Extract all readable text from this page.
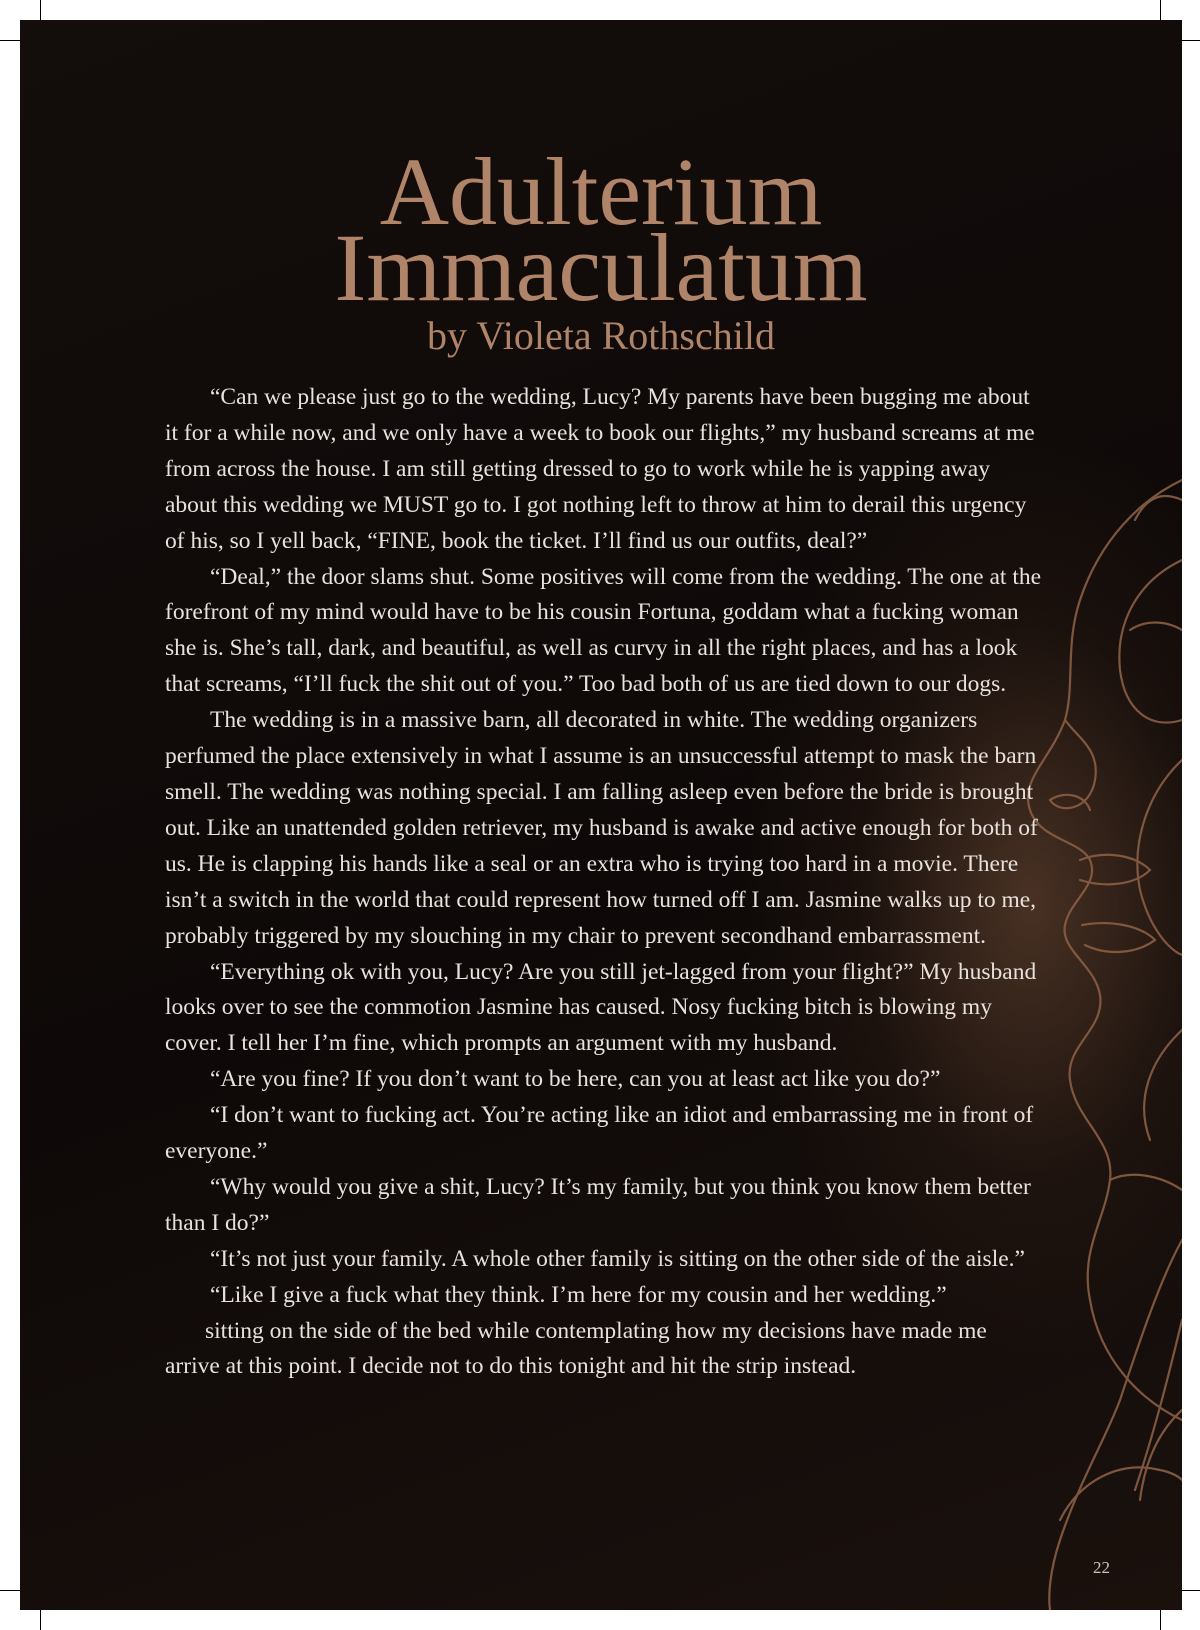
Adulterium
Immaculatum
by Violeta Rothschild

“Can we please just go to the wedding, Lucy? My parents have been bugging me about it for a while now, and we only have a week to book our flights,” my husband screams at me from across the house. I am still getting dressed to go to work while he is yapping away about this wedding we MUST go to. I got nothing left to throw at him to derail this urgency of his, so I yell back, “FINE, book the ticket. I’ll find us our outfits, deal?”

“Deal,” the door slams shut. Some positives will come from the wedding. The one at the forefront of my mind would have to be his cousin Fortuna, goddam what a fucking woman she is. She’s tall, dark, and beautiful, as well as curvy in all the right places, and has a look that screams, “I’ll fuck the shit out of you.” Too bad both of us are tied down to our dogs.

The wedding is in a massive barn, all decorated in white. The wedding organizers perfumed the place extensively in what I assume is an unsuccessful attempt to mask the barn smell. The wedding was nothing special. I am falling asleep even before the bride is brought out. Like an unattended golden retriever, my husband is awake and active enough for both of us. He is clapping his hands like a seal or an extra who is trying too hard in a movie. There isn’t a switch in the world that could represent how turned off I am. Jasmine walks up to me, probably triggered by my slouching in my chair to prevent secondhand embarrassment.

“Everything ok with you, Lucy? Are you still jet-lagged from your flight?” My husband looks over to see the commotion Jasmine has caused. Nosy fucking bitch is blowing my cover. I tell her I’m fine, which prompts an argument with my husband.

“Are you fine? If you don’t want to be here, can you at least act like you do?”

“I don’t want to fucking act. You’re acting like an idiot and embarrassing me in front of everyone.”

“Why would you give a shit, Lucy? It’s my family, but you think you know them better than I do?”

“It’s not just your family. A whole other family is sitting on the other side of the aisle.”

“Like I give a fuck what they think. I’m here for my cousin and her wedding.”

sitting on the side of the bed while contemplating how my decisions have made me arrive at this point. I decide not to do this tonight and hit the strip instead.

22
